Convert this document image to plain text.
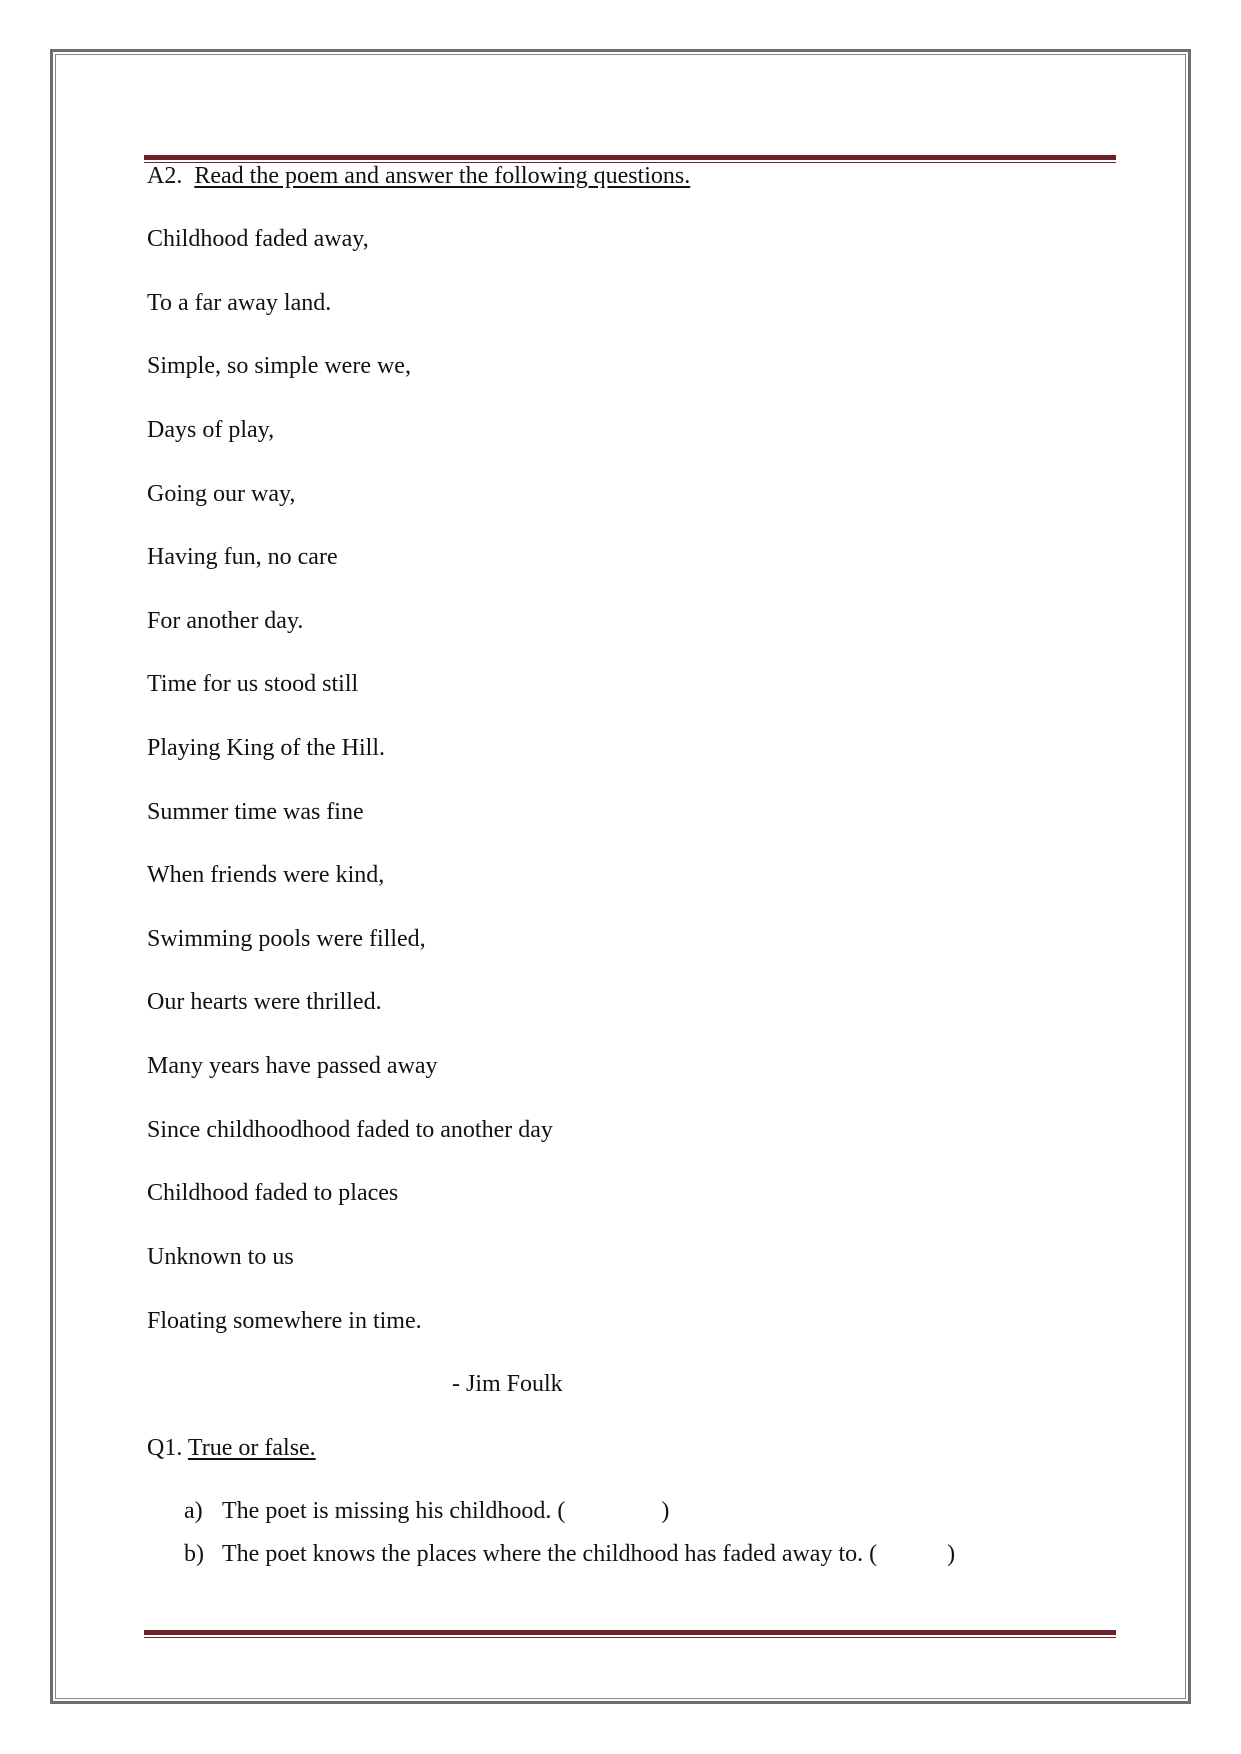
A2. Read the poem and answer the following questions.
Childhood faded away,
To a far away land.
Simple, so simple were we,
Days of play,
Going our way,
Having fun, no care
For another day.
Time for us stood still
Playing King of the Hill.
Summer time was fine
When friends were kind,
Swimming pools were filled,
Our hearts were thrilled.
Many years have passed away
Since childhoodhood faded to another day
Childhood faded to places
Unknown to us
Floating somewhere in time.
- Jim Foulk
Q1. True or false.
a) The poet is missing his childhood. (	)
b) The poet knows the places where the childhood has faded away to. (	)
